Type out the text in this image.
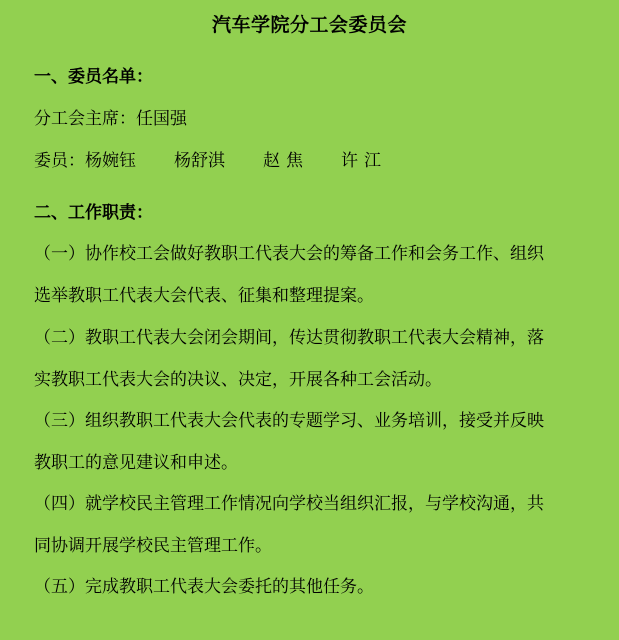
汽车学院分工会委员会
一、委员名单：
分工会主席：任国强
委员：杨婉钰 杨舒淇 赵 焦 许 江
二、工作职责：
（一）协作校工会做好教职工代表大会的筹备工作和会务工作、组织
选举教职工代表大会代表、征集和整理提案。
（二）教职工代表大会闭会期间，传达贯彻教职工代表大会精神，落
实教职工代表大会的决议、决定，开展各种工会活动。
（三）组织教职工代表大会代表的专题学习、业务培训，接受并反映
教职工的意见建议和申述。
（四）就学校民主管理工作情况向学校当组织汇报，与学校沟通，共
同协调开展学校民主管理工作。
（五）完成教职工代表大会委托的其他任务。
